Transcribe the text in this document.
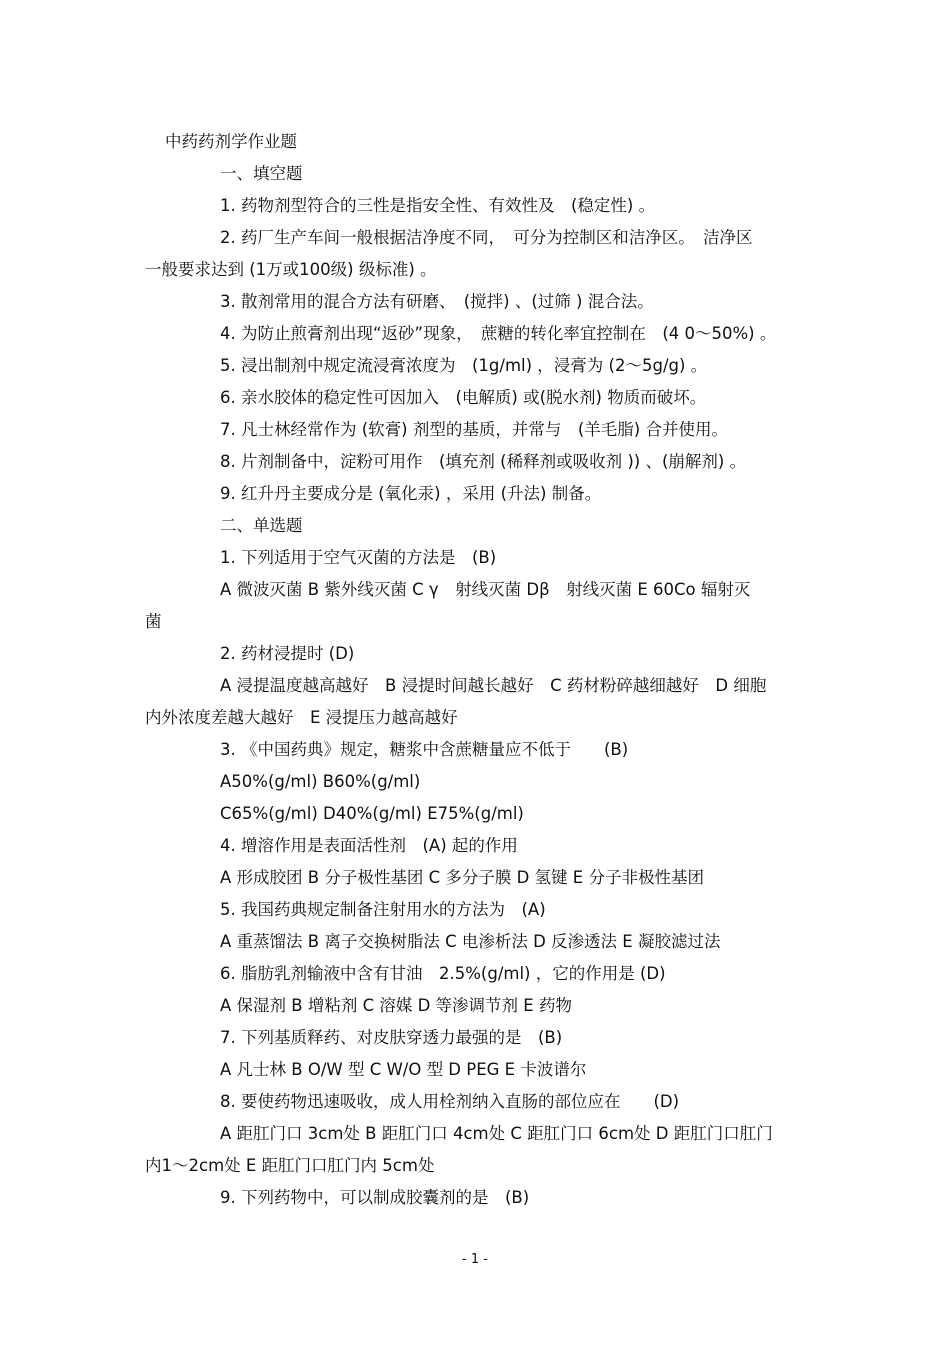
中药药剂学作业题

一、填空题

1. 药物剂型符合的三性是指安全性、有效性及　(稳定性) 。

2. 药厂生产车间一般根据洁净度不同，　可分为控制区和洁净区。　洁净区

一般要求达到 (1万或100级) 级标准) 。

3. 散剂常用的混合方法有研磨、　(搅拌) 、(过筛 ) 混合法。

4. 为防止煎膏剂出现“返砂”现象，　蔗糖的转化率宜控制在　(4 0～50%) 。

5. 浸出制剂中规定流浸膏浓度为　(1g/ml) ，浸膏为 (2～5g/g) 。

6. 亲水胶体的稳定性可因加入　(电解质) 或(脱水剂) 物质而破坏。

7. 凡士林经常作为 (软膏) 剂型的基质，并常与　(羊毛脂) 合并使用。

8. 片剂制备中，淀粉可用作　(填充剂 (稀释剂或吸收剂 )) 、(崩解剂) 。

9. 红升丹主要成分是 (氧化汞) ，采用 (升法) 制备。

二、单选题

1. 下列适用于空气灭菌的方法是　(B)

A 微波灭菌 B 紫外线灭菌 C γ　射线灭菌 Dβ　射线灭菌 E 60Co 辐射灭

菌

2. 药材浸提时 (D)

A 浸提温度越高越好　B 浸提时间越长越好　C 药材粉碎越细越好　D 细胞

内外浓度差越大越好　E 浸提压力越高越好

3. 《中国药典》规定，糖浆中含蔗糖量应不低于　　(B)

A50%(g/ml) B60%(g/ml)

C65%(g/ml) D40%(g/ml) E75%(g/ml)

4. 增溶作用是表面活性剂　(A) 起的作用

A 形成胶团 B 分子极性基团 C 多分子膜 D 氢键 E 分子非极性基团

5. 我国药典规定制备注射用水的方法为　(A)

A 重蒸馏法 B 离子交换树脂法 C 电渗析法 D 反渗透法 E 凝胶滤过法

6. 脂肪乳剂输液中含有甘油　2.5%(g/ml) ，它的作用是 (D)

A 保湿剂 B 增粘剂 C 溶媒 D 等渗调节剂 E 药物

7. 下列基质释药、对皮肤穿透力最强的是　(B)

A 凡士林 B O/W 型 C W/O 型 D PEG E 卡波谱尔

8. 要使药物迅速吸收，成人用栓剂纳入直肠的部位应在　　(D)

A 距肛门口 3cm处 B 距肛门口 4cm处 C 距肛门口 6cm处 D 距肛门口肛门

内1～2cm处 E 距肛门口肛门内 5cm处

9. 下列药物中，可以制成胶囊剂的是　(B)

- 1 -
